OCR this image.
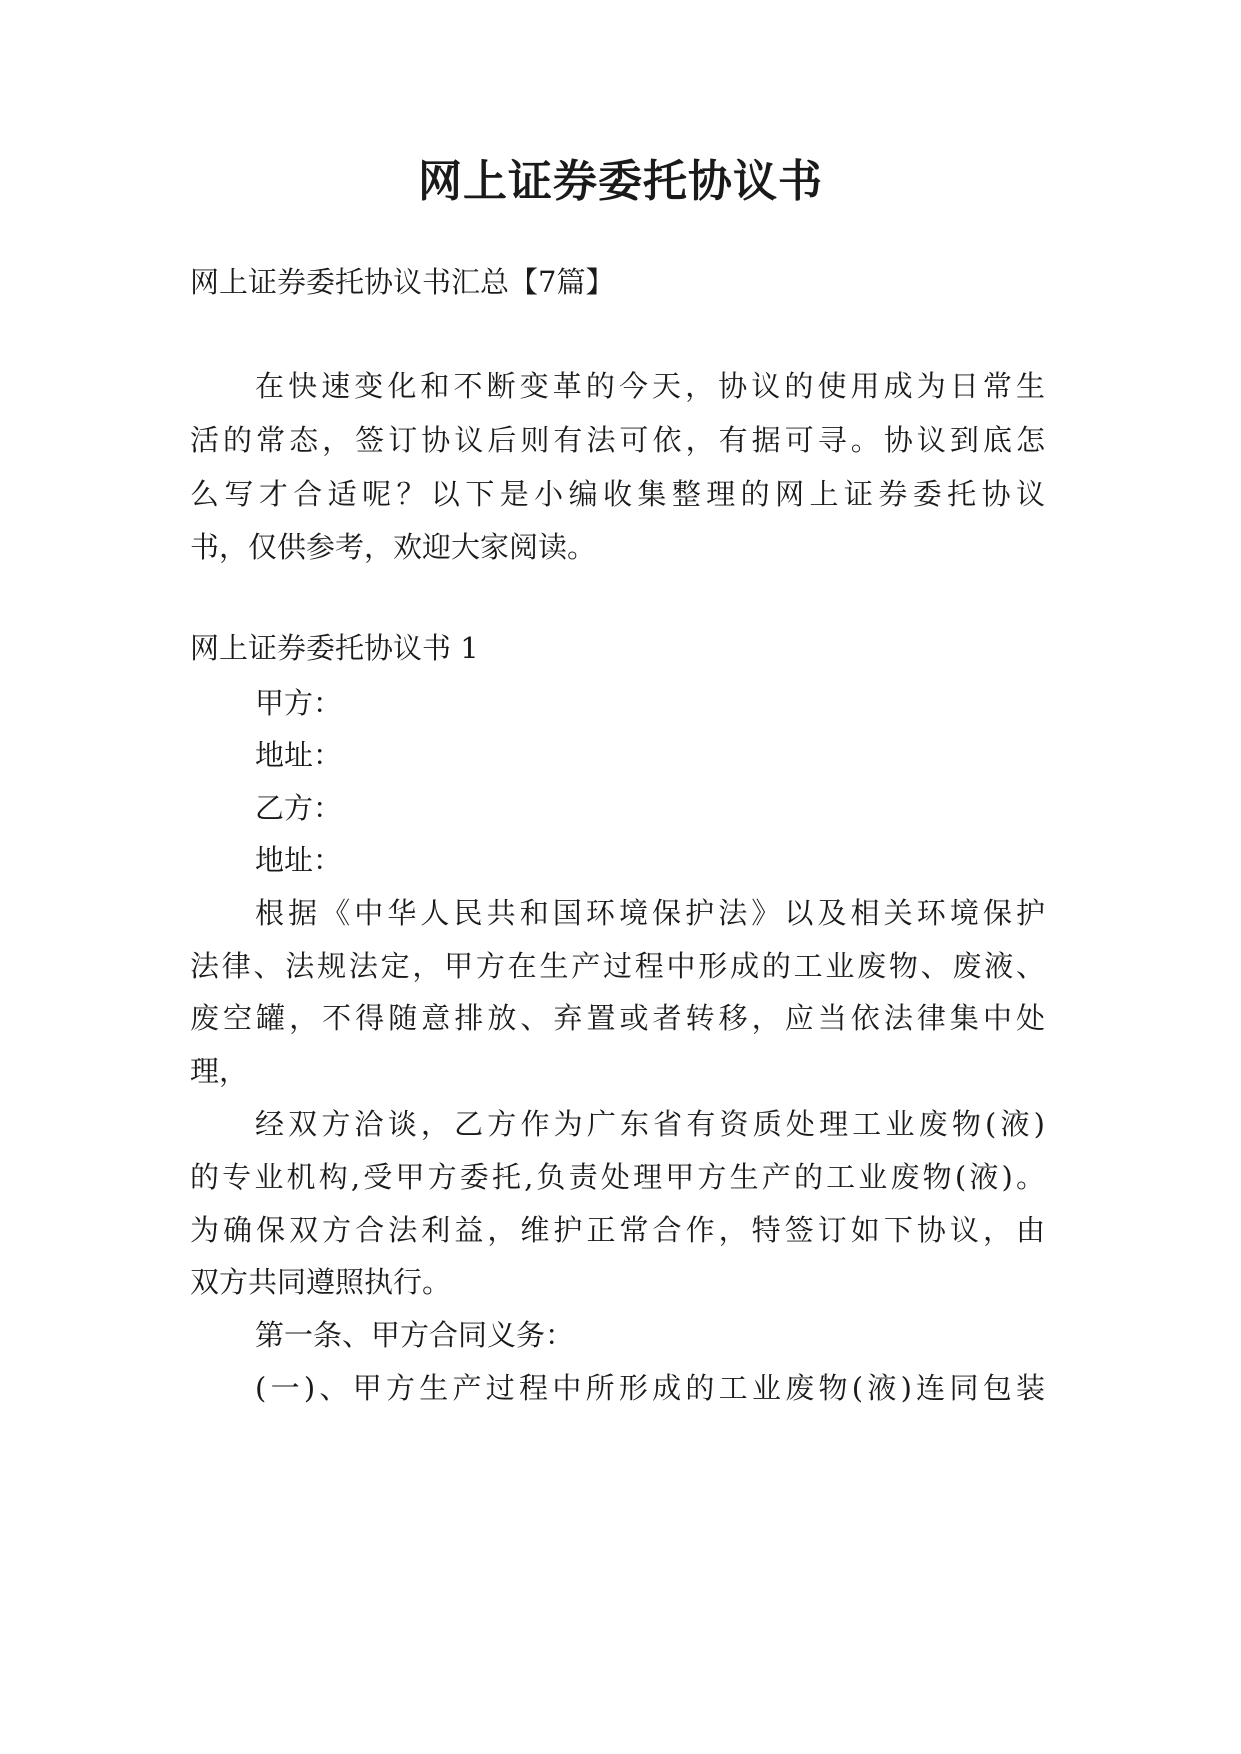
网上证券委托协议书

网上证券委托协议书汇总【7篇】

在快速变化和不断变革的今天，协议的使用成为日常生

活的常态，签订协议后则有法可依，有据可寻。协议到底怎

么写才合适呢？以下是小编收集整理的网上证券委托协议

书，仅供参考，欢迎大家阅读。

网上证券委托协议书 1

甲方：

地址：

乙方：

地址：

根据《中华人民共和国环境保护法》以及相关环境保护

法律、法规法定，甲方在生产过程中形成的工业废物、废液、

废空罐，不得随意排放、弃置或者转移，应当依法律集中处

理，

经双方洽谈，乙方作为广东省有资质处理工业废物(液)

的专业机构,受甲方委托,负责处理甲方生产的工业废物(液)。

为确保双方合法利益，维护正常合作，特签订如下协议，由

双方共同遵照执行。

第一条、甲方合同义务：

(一)、甲方生产过程中所形成的工业废物(液)连同包装
